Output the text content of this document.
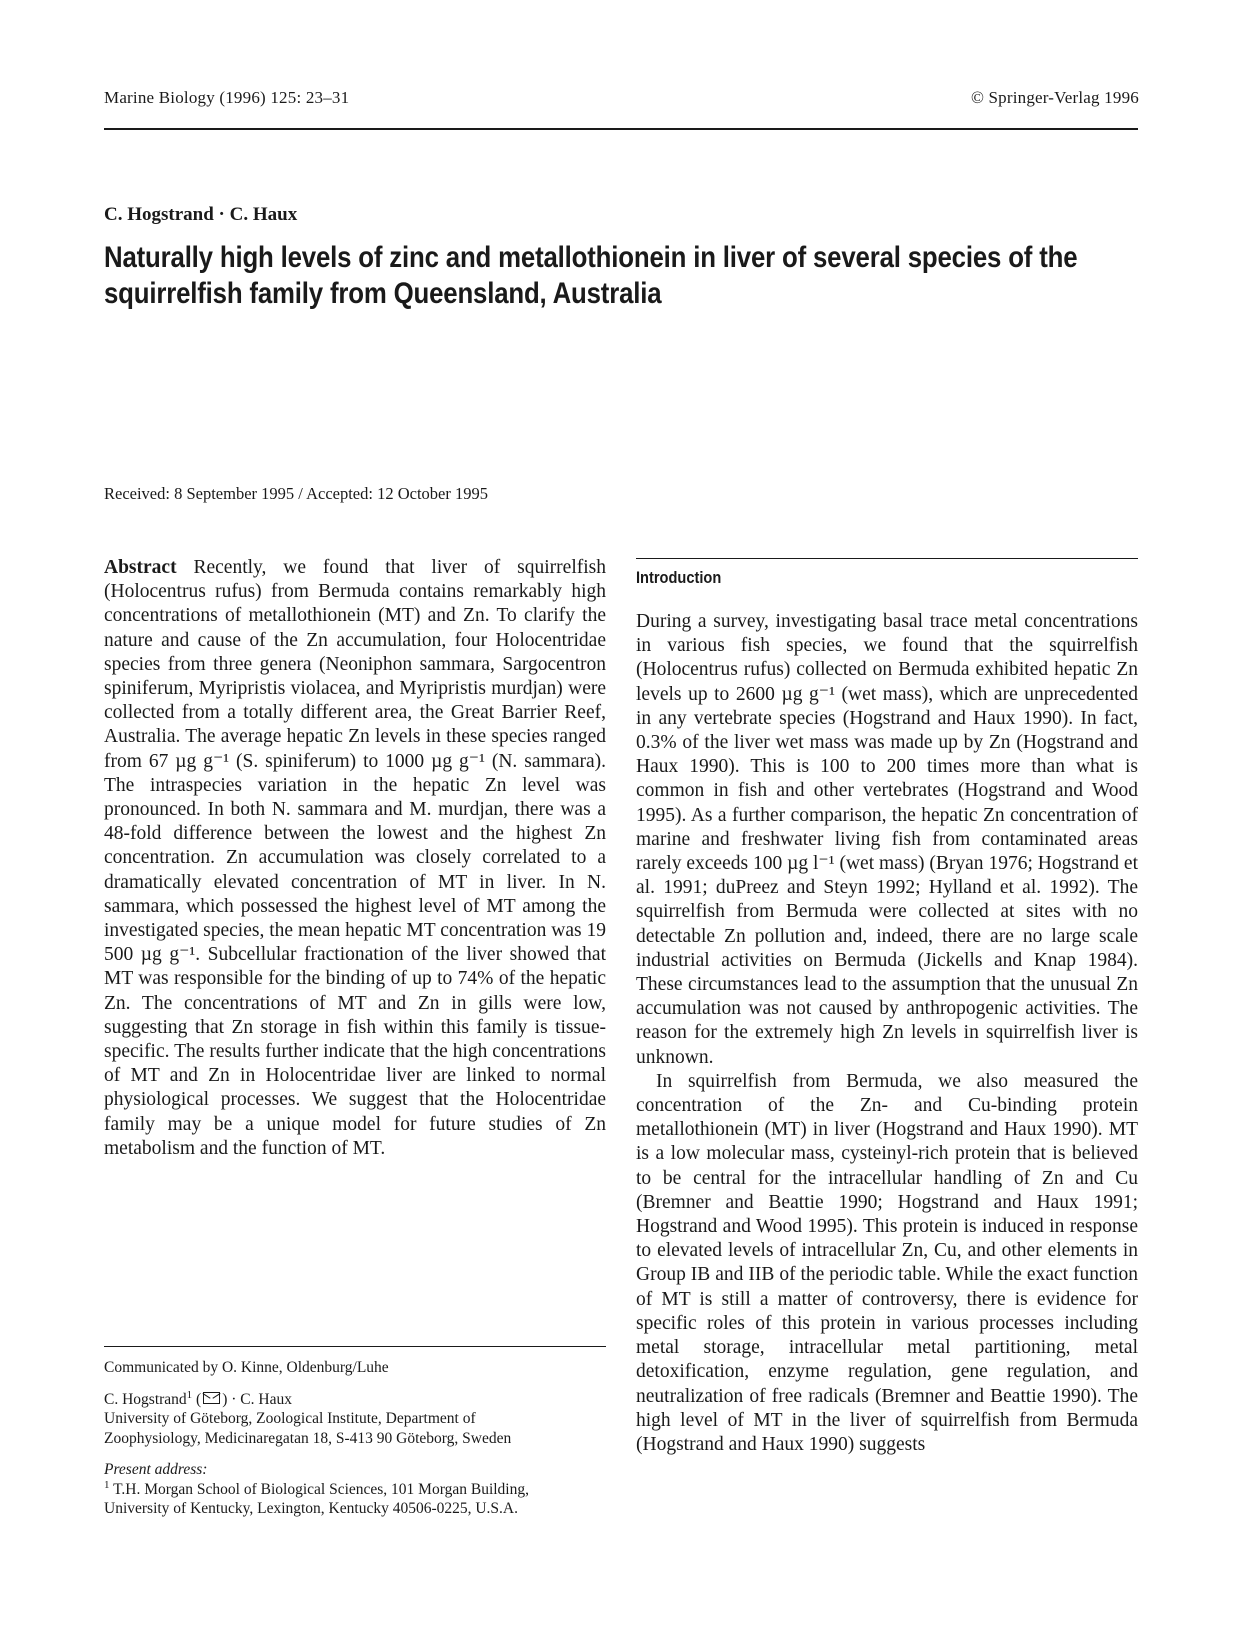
Marine Biology (1996) 125: 23–31	© Springer-Verlag 1996
C. Hogstrand · C. Haux
Naturally high levels of zinc and metallothionein in liver of several species of the squirrelfish family from Queensland, Australia
Received: 8 September 1995 / Accepted: 12 October 1995

Abstract Recently, we found that liver of squirrelfish (Holocentrus rufus) from Bermuda contains remarkably high concentrations of metallothionein (MT) and Zn. To clarify the nature and cause of the Zn accumulation, four Holocentridae species from three genera (Neoniphon sammara, Sargocentron spiniferum, Myripristis violacea, and Myripristis murdjan) were collected from a totally different area, the Great Barrier Reef, Australia. The average hepatic Zn levels in these species ranged from 67 µg g⁻¹ (S. spiniferum) to 1000 µg g⁻¹ (N. sammara). The intraspecies variation in the hepatic Zn level was pronounced. In both N. sammara and M. murdjan, there was a 48-fold difference between the lowest and the highest Zn concentration. Zn accumulation was closely correlated to a dramatically elevated concentration of MT in liver. In N. sammara, which possessed the highest level of MT among the investigated species, the mean hepatic MT concentration was 19 500 µg g⁻¹. Subcellular fractionation of the liver showed that MT was responsible for the binding of up to 74% of the hepatic Zn. The concentrations of MT and Zn in gills were low, suggesting that Zn storage in fish within this family is tissue-specific. The results further indicate that the high concentrations of MT and Zn in Holocentridae liver are linked to normal physiological processes. We suggest that the Holocentridae family may be a unique model for future studies of Zn metabolism and the function of MT.

Communicated by O. Kinne, Oldenburg/Luhe
C. Hogstrand$^1$ ( ) · C. Haux
University of Göteborg, Zoological Institute, Department of
Zoophysiology, Medicinaregatan 18, S-413 90 Göteborg, Sweden
Present address:
$^1$ T.H. Morgan School of Biological Sciences, 101 Morgan Building,
University of Kentucky, Lexington, Kentucky 40506-0225, U.S.A.
Introduction

During a survey, investigating basal trace metal concentrations in various fish species, we found that the squirrelfish (Holocentrus rufus) collected on Bermuda exhibited hepatic Zn levels up to 2600 µg g⁻¹ (wet mass), which are unprecedented in any vertebrate species (Hogstrand and Haux 1990). In fact, 0.3% of the liver wet mass was made up by Zn (Hogstrand and Haux 1990). This is 100 to 200 times more than what is common in fish and other vertebrates (Hogstrand and Wood 1995). As a further comparison, the hepatic Zn concentration of marine and freshwater living fish from contaminated areas rarely exceeds 100 µg l⁻¹ (wet mass) (Bryan 1976; Hogstrand et al. 1991; duPreez and Steyn 1992; Hylland et al. 1992). The squirrelfish from Bermuda were collected at sites with no detectable Zn pollution and, indeed, there are no large scale industrial activities on Bermuda (Jickells and Knap 1984). These circumstances lead to the assumption that the unusual Zn accumulation was not caused by anthropogenic activities. The reason for the extremely high Zn levels in squirrelfish liver is unknown.

In squirrelfish from Bermuda, we also measured the concentration of the Zn- and Cu-binding protein metallothionein (MT) in liver (Hogstrand and Haux 1990). MT is a low molecular mass, cysteinyl-rich protein that is believed to be central for the intracellular handling of Zn and Cu (Bremner and Beattie 1990; Hogstrand and Haux 1991; Hogstrand and Wood 1995). This protein is induced in response to elevated levels of intracellular Zn, Cu, and other elements in Group IB and IIB of the periodic table. While the exact function of MT is still a matter of controversy, there is evidence for specific roles of this protein in various processes including metal storage, intracellular metal partitioning, metal detoxification, enzyme regulation, gene regulation, and neutralization of free radicals (Bremner and Beattie 1990). The high level of MT in the liver of squirrelfish from Bermuda (Hogstrand and Haux 1990) suggests
